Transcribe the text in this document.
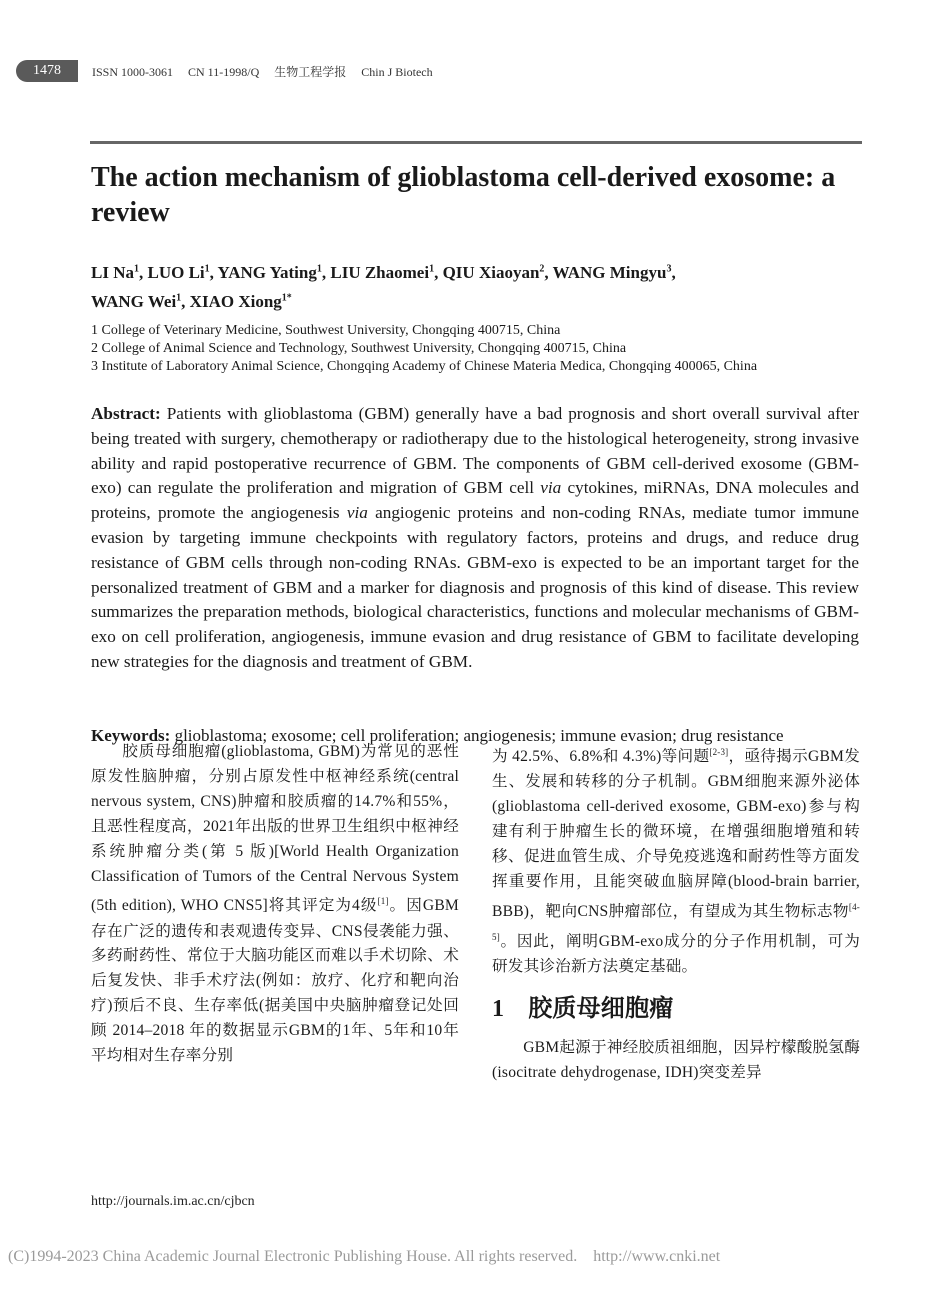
1478	ISSN 1000-3061 CN 11-1998/Q 生物工程学报 Chin J Biotech
The action mechanism of glioblastoma cell-derived exosome: a review
LI Na$^1$, LUO Li$^1$, YANG Yating$^1$, LIU Zhaomei$^1$, QIU Xiaoyan$^2$, WANG Mingyu$^3$,
WANG Wei$^1$, XIAO Xiong$^{1*}$
1 College of Veterinary Medicine, Southwest University, Chongqing 400715, China
2 College of Animal Science and Technology, Southwest University, Chongqing 400715, China
3 Institute of Laboratory Animal Science, Chongqing Academy of Chinese Materia Medica, Chongqing 400065, China
Abstract: Patients with glioblastoma (GBM) generally have a bad prognosis and short overall survival after being treated with surgery, chemotherapy or radiotherapy due to the histological heterogeneity, strong invasive ability and rapid postoperative recurrence of GBM. The components of GBM cell-derived exosome (GBM-exo) can regulate the proliferation and migration of GBM cell via cytokines, miRNAs, DNA molecules and proteins, promote the angiogenesis via angiogenic proteins and non-coding RNAs, mediate tumor immune evasion by targeting immune checkpoints with regulatory factors, proteins and drugs, and reduce drug resistance of GBM cells through non-coding RNAs. GBM-exo is expected to be an important target for the personalized treatment of GBM and a marker for diagnosis and prognosis of this kind of disease. This review summarizes the preparation methods, biological characteristics, functions and molecular mechanisms of GBM-exo on cell proliferation, angiogenesis, immune evasion and drug resistance of GBM to facilitate developing new strategies for the diagnosis and treatment of GBM.
Keywords: glioblastoma; exosome; cell proliferation; angiogenesis; immune evasion; drug resistance

胶质母细胞瘤(glioblastoma, GBM)为常见的恶性原发性脑肿瘤，分别占原发性中枢神经系统(central nervous system, CNS)肿瘤和胶质瘤的14.7%和55%，且恶性程度高，2021年出版的世界卫生组织中枢神经系统肿瘤分类(第 5 版)[World Health Organization Classification of Tumors of the Central Nervous System (5th edition), WHO CNS5]将其评定为4级[1]。因GBM存在广泛的遗传和表观遗传变异、CNS侵袭能力强、多药耐药性、常位于大脑功能区而难以手术切除、术后复发快、非手术疗法(例如：放疗、化疗和靶向治疗)预后不良、生存率低(据美国中央脑肿瘤登记处回顾 2014–2018 年的数据显示GBM的1年、5年和10年平均相对生存率分别

为 42.5%、6.8%和 4.3%)等问题[2-3]，亟待揭示GBM发生、发展和转移的分子机制。GBM细胞来源外泌体(glioblastoma cell-derived exosome, GBM-exo)参与构建有利于肿瘤生长的微环境，在增强细胞增殖和转移、促进血管生成、介导免疫逃逸和耐药性等方面发挥重要作用，且能突破血脑屏障(blood-brain barrier, BBB)，靶向CNS肿瘤部位，有望成为其生物标志物[4-5]。因此，阐明GBM-exo成分的分子作用机制，可为研发其诊治新方法奠定基础。

1 胶质母细胞瘤

GBM起源于神经胶质祖细胞，因异柠檬酸脱氢酶(isocitrate dehydrogenase, IDH)突变差异

http://journals.im.ac.cn/cjbcn
(C)1994-2023 China Academic Journal Electronic Publishing House. All rights reserved. http://www.cnki.net
